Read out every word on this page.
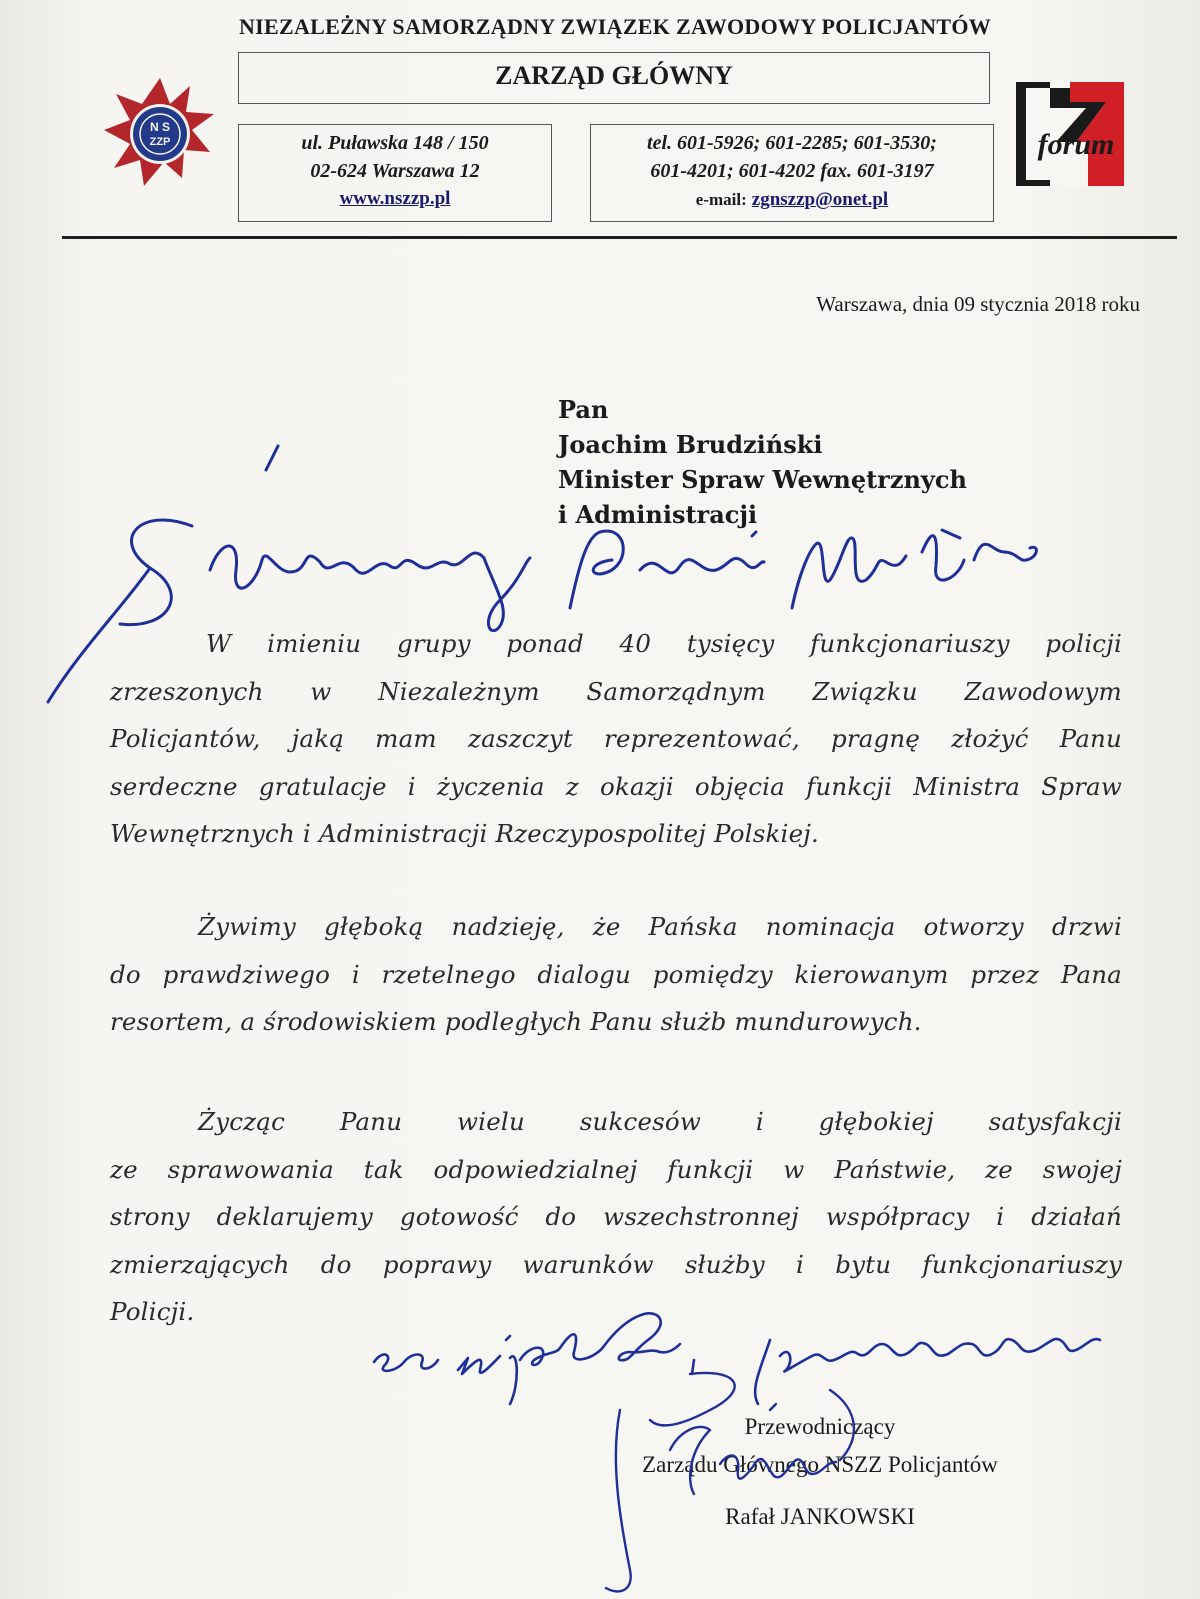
NIEZALEŻNY SAMORZĄDNY ZWIĄZEK ZAWODOWY POLICJANTÓW
ZARZĄD GŁÓWNY
N S
ZZP	ul. Puławska 148 / 150
02-624 Warszawa 12
www.nszzp.pl
tel. 601-5926; 601-2285; 601-3530;
601-4201; 601-4202 fax. 601-3197
e-mail: zgnszzp@onet.pl
forum
Warszawa, dnia 09 stycznia 2018 roku
Pan
Joachim Brudziński
Minister Spraw Wewnętrznych
i Administracji
W imieniu grupy ponad 40 tysięcy funkcjonariuszy policji
zrzeszonych w Niezależnym Samorządnym Związku Zawodowym
Policjantów, jaką mam zaszczyt reprezentować, pragnę złożyć Panu
serdeczne gratulacje i życzenia z okazji objęcia funkcji Ministra Spraw
Wewnętrznych i Administracji Rzeczypospolitej Polskiej.
Żywimy głęboką nadzieję, że Pańska nominacja otworzy drzwi
do prawdziwego i rzetelnego dialogu pomiędzy kierowanym przez Pana
resortem, a środowiskiem podległych Panu służb mundurowych.
Życząc Panu wielu sukcesów i głębokiej satysfakcji
ze sprawowania tak odpowiedzialnej funkcji w Państwie, ze swojej
strony deklarujemy gotowość do wszechstronnej współpracy i działań
zmierzających do poprawy warunków służby i bytu funkcjonariuszy
Policji.
Przewodniczący
Zarządu Głównego NSZZ Policjantów
Rafał JANKOWSKI
